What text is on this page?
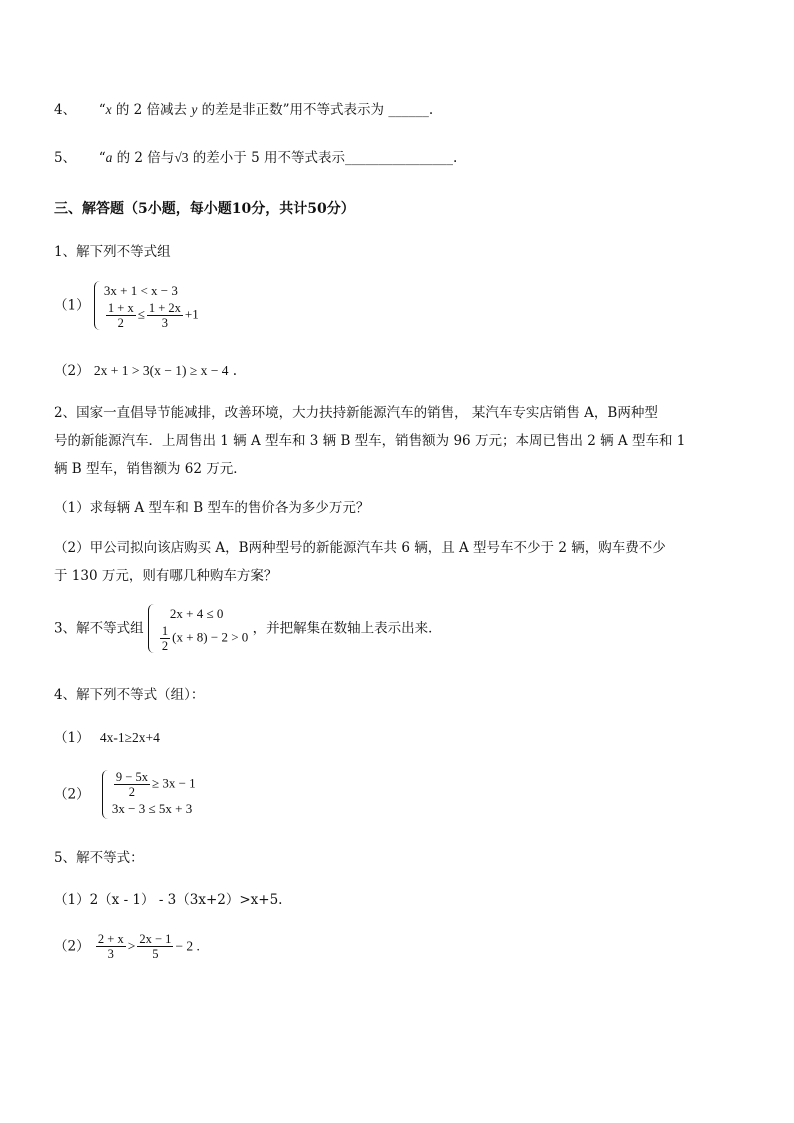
4、 “x 的 2 倍减去 y 的差是非正数”用不等式表示为 ______.
5、 “a 的 2 倍与√3 的差小于 5 用不等式表示________________.
三、解答题（5小题，每小题10分，共计50分）
1、解下列不等式组
（1）
3x + 1 < x − 3
$\frac{1 + x}{2} \le \frac{1 + 2x}{3} +1$
（2） 2x + 1 > 3(x − 1) ≥ x − 4 .
2、国家一直倡导节能减排，改善环境，大力扶持新能源汽车的销售， 某汽车专实店销售 A，B两种型
号的新能源汽车．上周售出 1 辆 A 型车和 3 辆 B 型车，销售额为 96 万元；本周已售出 2 辆 A 型车和 1
辆 B 型车，销售额为 62 万元．
（1）求每辆 A 型车和 B 型车的售价各为多少万元？
（2）甲公司拟向该店购买 A，B两种型号的新能源汽车共 6 辆，且 A 型号车不少于 2 辆，购车费不少
于 130 万元，则有哪几种购车方案？
3、解不等式组
2x + 4 ≤ 0
$\frac{1}{2} (x + 8) - 2 > 0$
，并把解集在数轴上表示出来．
4、解下列不等式（组）：
（1） 4x-1≥2x+4
$(2) \frac{9 - 5x}{2} \ge 3x - 1$
3x − 3 ≤ 5x + 3
5、解不等式：
（1）2（x - 1） - 3（3x+2）>x+5.
$(2) \frac{2 + x}{3} > \frac{2x - 1}{5} - 2$ .
